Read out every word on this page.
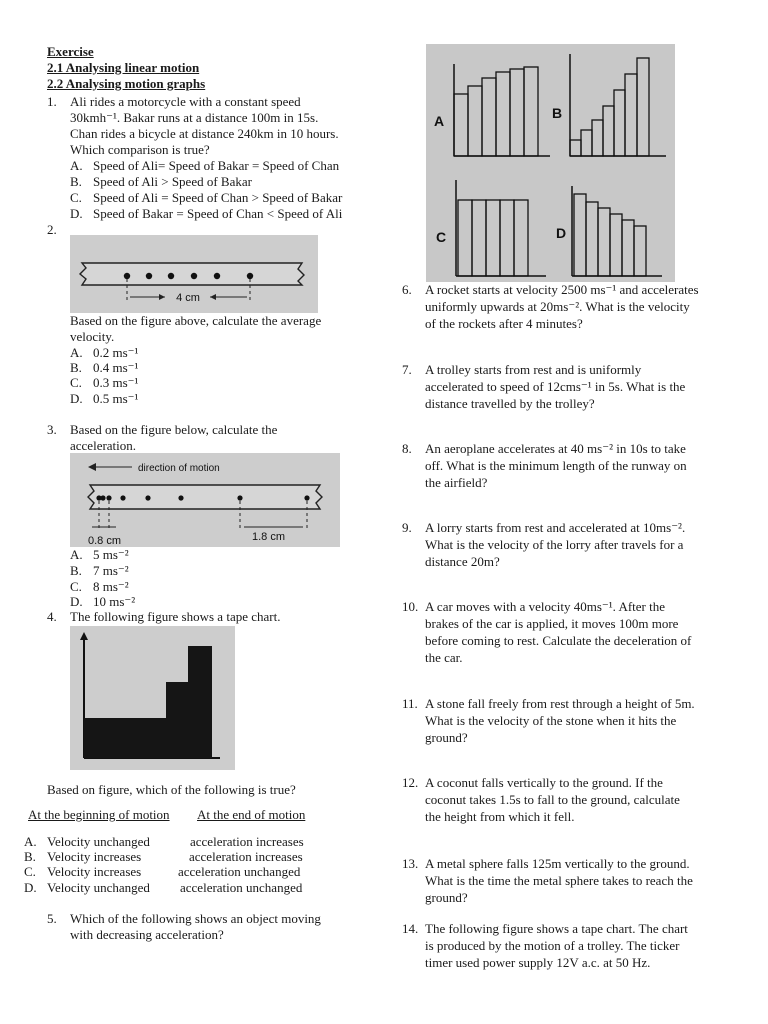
Exercise
2.1 Analysing linear motion
2.2 Analysing motion graphs
1. Ali rides a motorcycle with a constant speed
30kmh⁻¹. Bakar runs at a distance 100m in 15s.
Chan rides a bicycle at distance 240km in 10 hours.
Which comparison is true?
A. Speed of Ali= Speed of Bakar = Speed of Chan
B. Speed of Ali > Speed of Bakar
C. Speed of Ali = Speed of Chan > Speed of Bakar
D. Speed of Bakar = Speed of Chan < Speed of Ali
2.
4 cm
Based on the figure above, calculate the average
velocity.
A. 0.2 ms⁻¹
B. 0.4 ms⁻¹
C. 0.3 ms⁻¹
D. 0.5 ms⁻¹
3. Based on the figure below, calculate the
acceleration.
direction of motion
0.8 cm	1.8 cm
A. 5 ms⁻²
B. 7 ms⁻²
C. 8 ms⁻²
D. 10 ms⁻²
4. The following figure shows a tape chart.
Based on figure, which of the following is true?
At the beginning of motion At the end of motion
A. Velocity unchanged	acceleration increases
B. Velocity increases	acceleration increases
C. Velocity increases	acceleration unchanged
D. Velocity unchanged acceleration unchanged
5. Which of the following shows an object moving
with decreasing acceleration?
A	B
C	D
6. A rocket starts at velocity 2500 ms⁻¹ and accelerates
uniformly upwards at 20ms⁻². What is the velocity
of the rockets after 4 minutes?
7. A trolley starts from rest and is uniformly
accelerated to speed of 12cms⁻¹ in 5s. What is the
distance travelled by the trolley?
8. An aeroplane accelerates at 40 ms⁻² in 10s to take
off. What is the minimum length of the runway on
the airfield?
9. A lorry starts from rest and accelerated at 10ms⁻².
What is the velocity of the lorry after travels for a
distance 20m?
10. A car moves with a velocity 40ms⁻¹. After the
brakes of the car is applied, it moves 100m more
before coming to rest. Calculate the deceleration of
the car.
11. A stone fall freely from rest through a height of 5m.
What is the velocity of the stone when it hits the
ground?
12. A coconut falls vertically to the ground. If the
coconut takes 1.5s to fall to the ground, calculate
the height from which it fell.
13. A metal sphere falls 125m vertically to the ground.
What is the time the metal sphere takes to reach the
ground?
14. The following figure shows a tape chart. The chart
is produced by the motion of a trolley. The ticker
timer used power supply 12V a.c. at 50 Hz.
